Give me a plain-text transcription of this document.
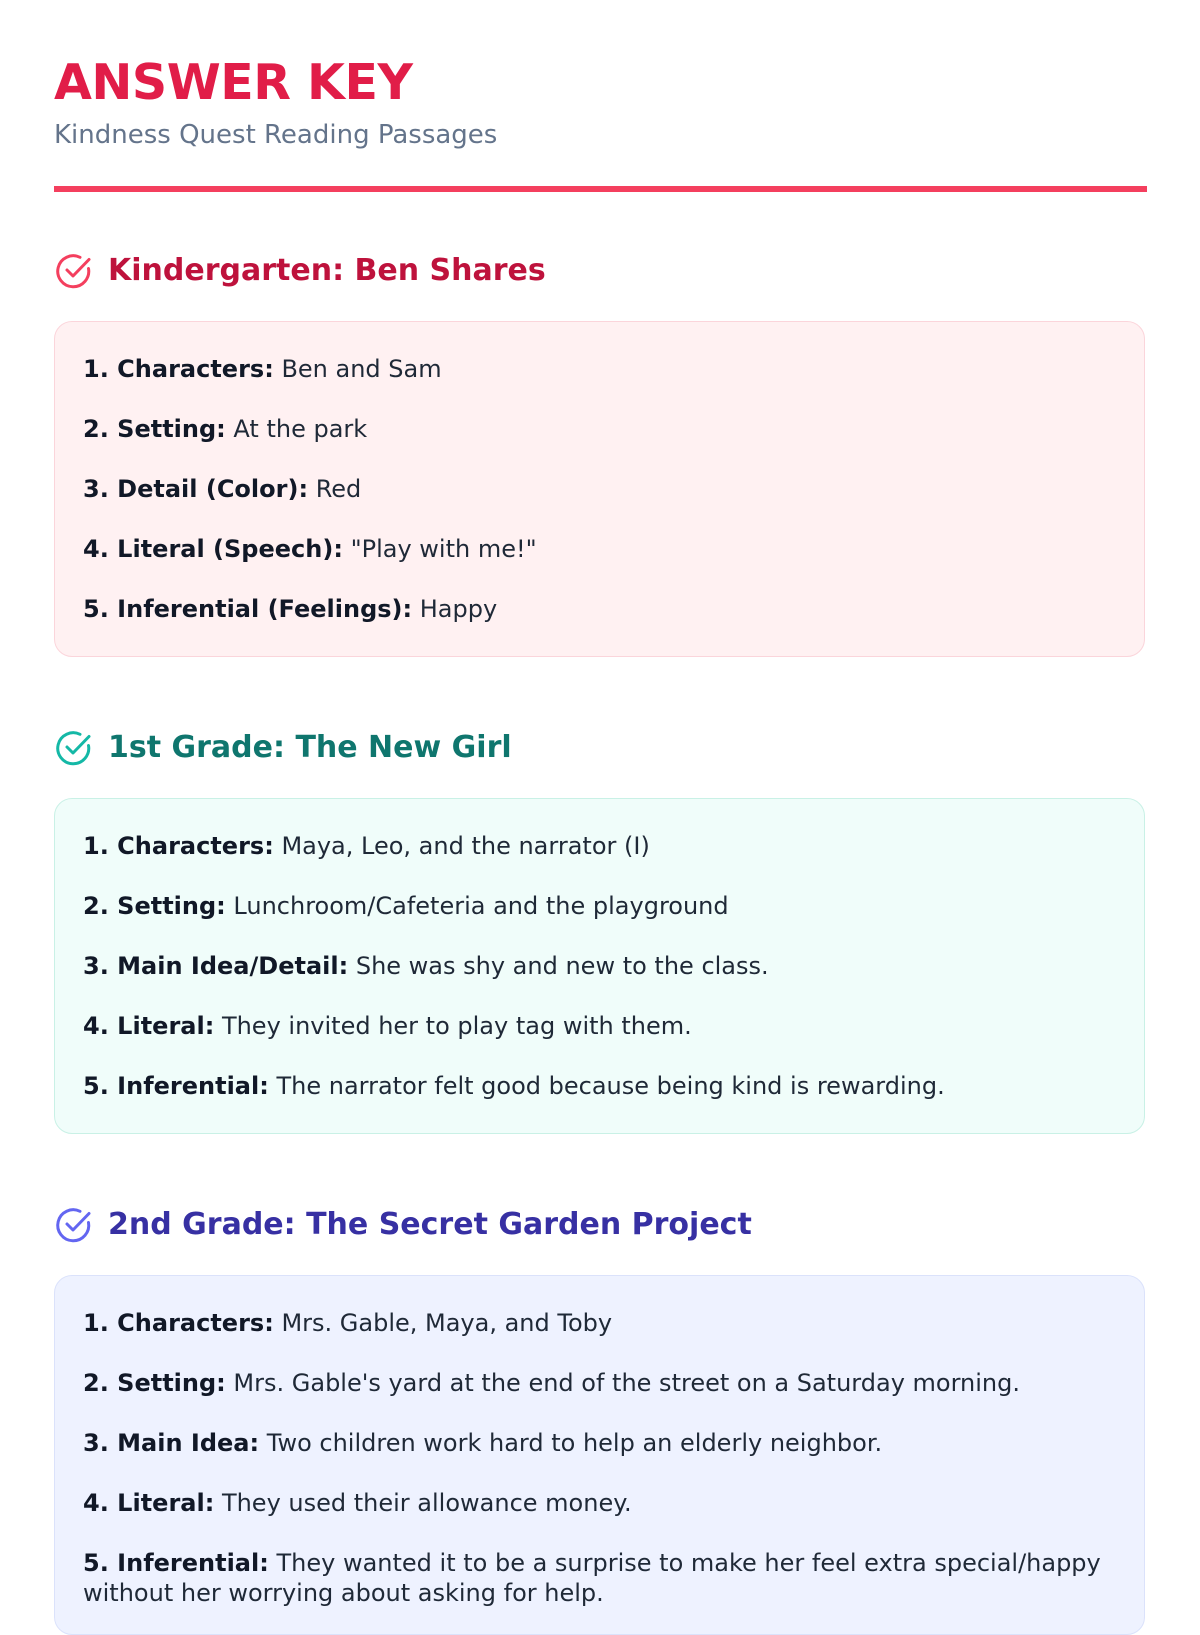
ANSWER KEY
Kindness Quest Reading Passages
Kindergarten: Ben Shares
1. Characters: Ben and Sam
2. Setting: At the park
3. Detail (Color): Red
4. Literal (Speech): "Play with me!"
5. Inferential (Feelings): Happy
1st Grade: The New Girl
1. Characters: Maya, Leo, and the narrator (I)
2. Setting: Lunchroom/Cafeteria and the playground
3. Main Idea/Detail: She was shy and new to the class.
4. Literal: They invited her to play tag with them.
5. Inferential: The narrator felt good because being kind is rewarding.
2nd Grade: The Secret Garden Project
1. Characters: Mrs. Gable, Maya, and Toby
2. Setting: Mrs. Gable's yard at the end of the street on a Saturday morning.
3. Main Idea: Two children work hard to help an elderly neighbor.
4. Literal: They used their allowance money.
5. Inferential: They wanted it to be a surprise to make her feel extra special/happy without her worrying about asking for help.
